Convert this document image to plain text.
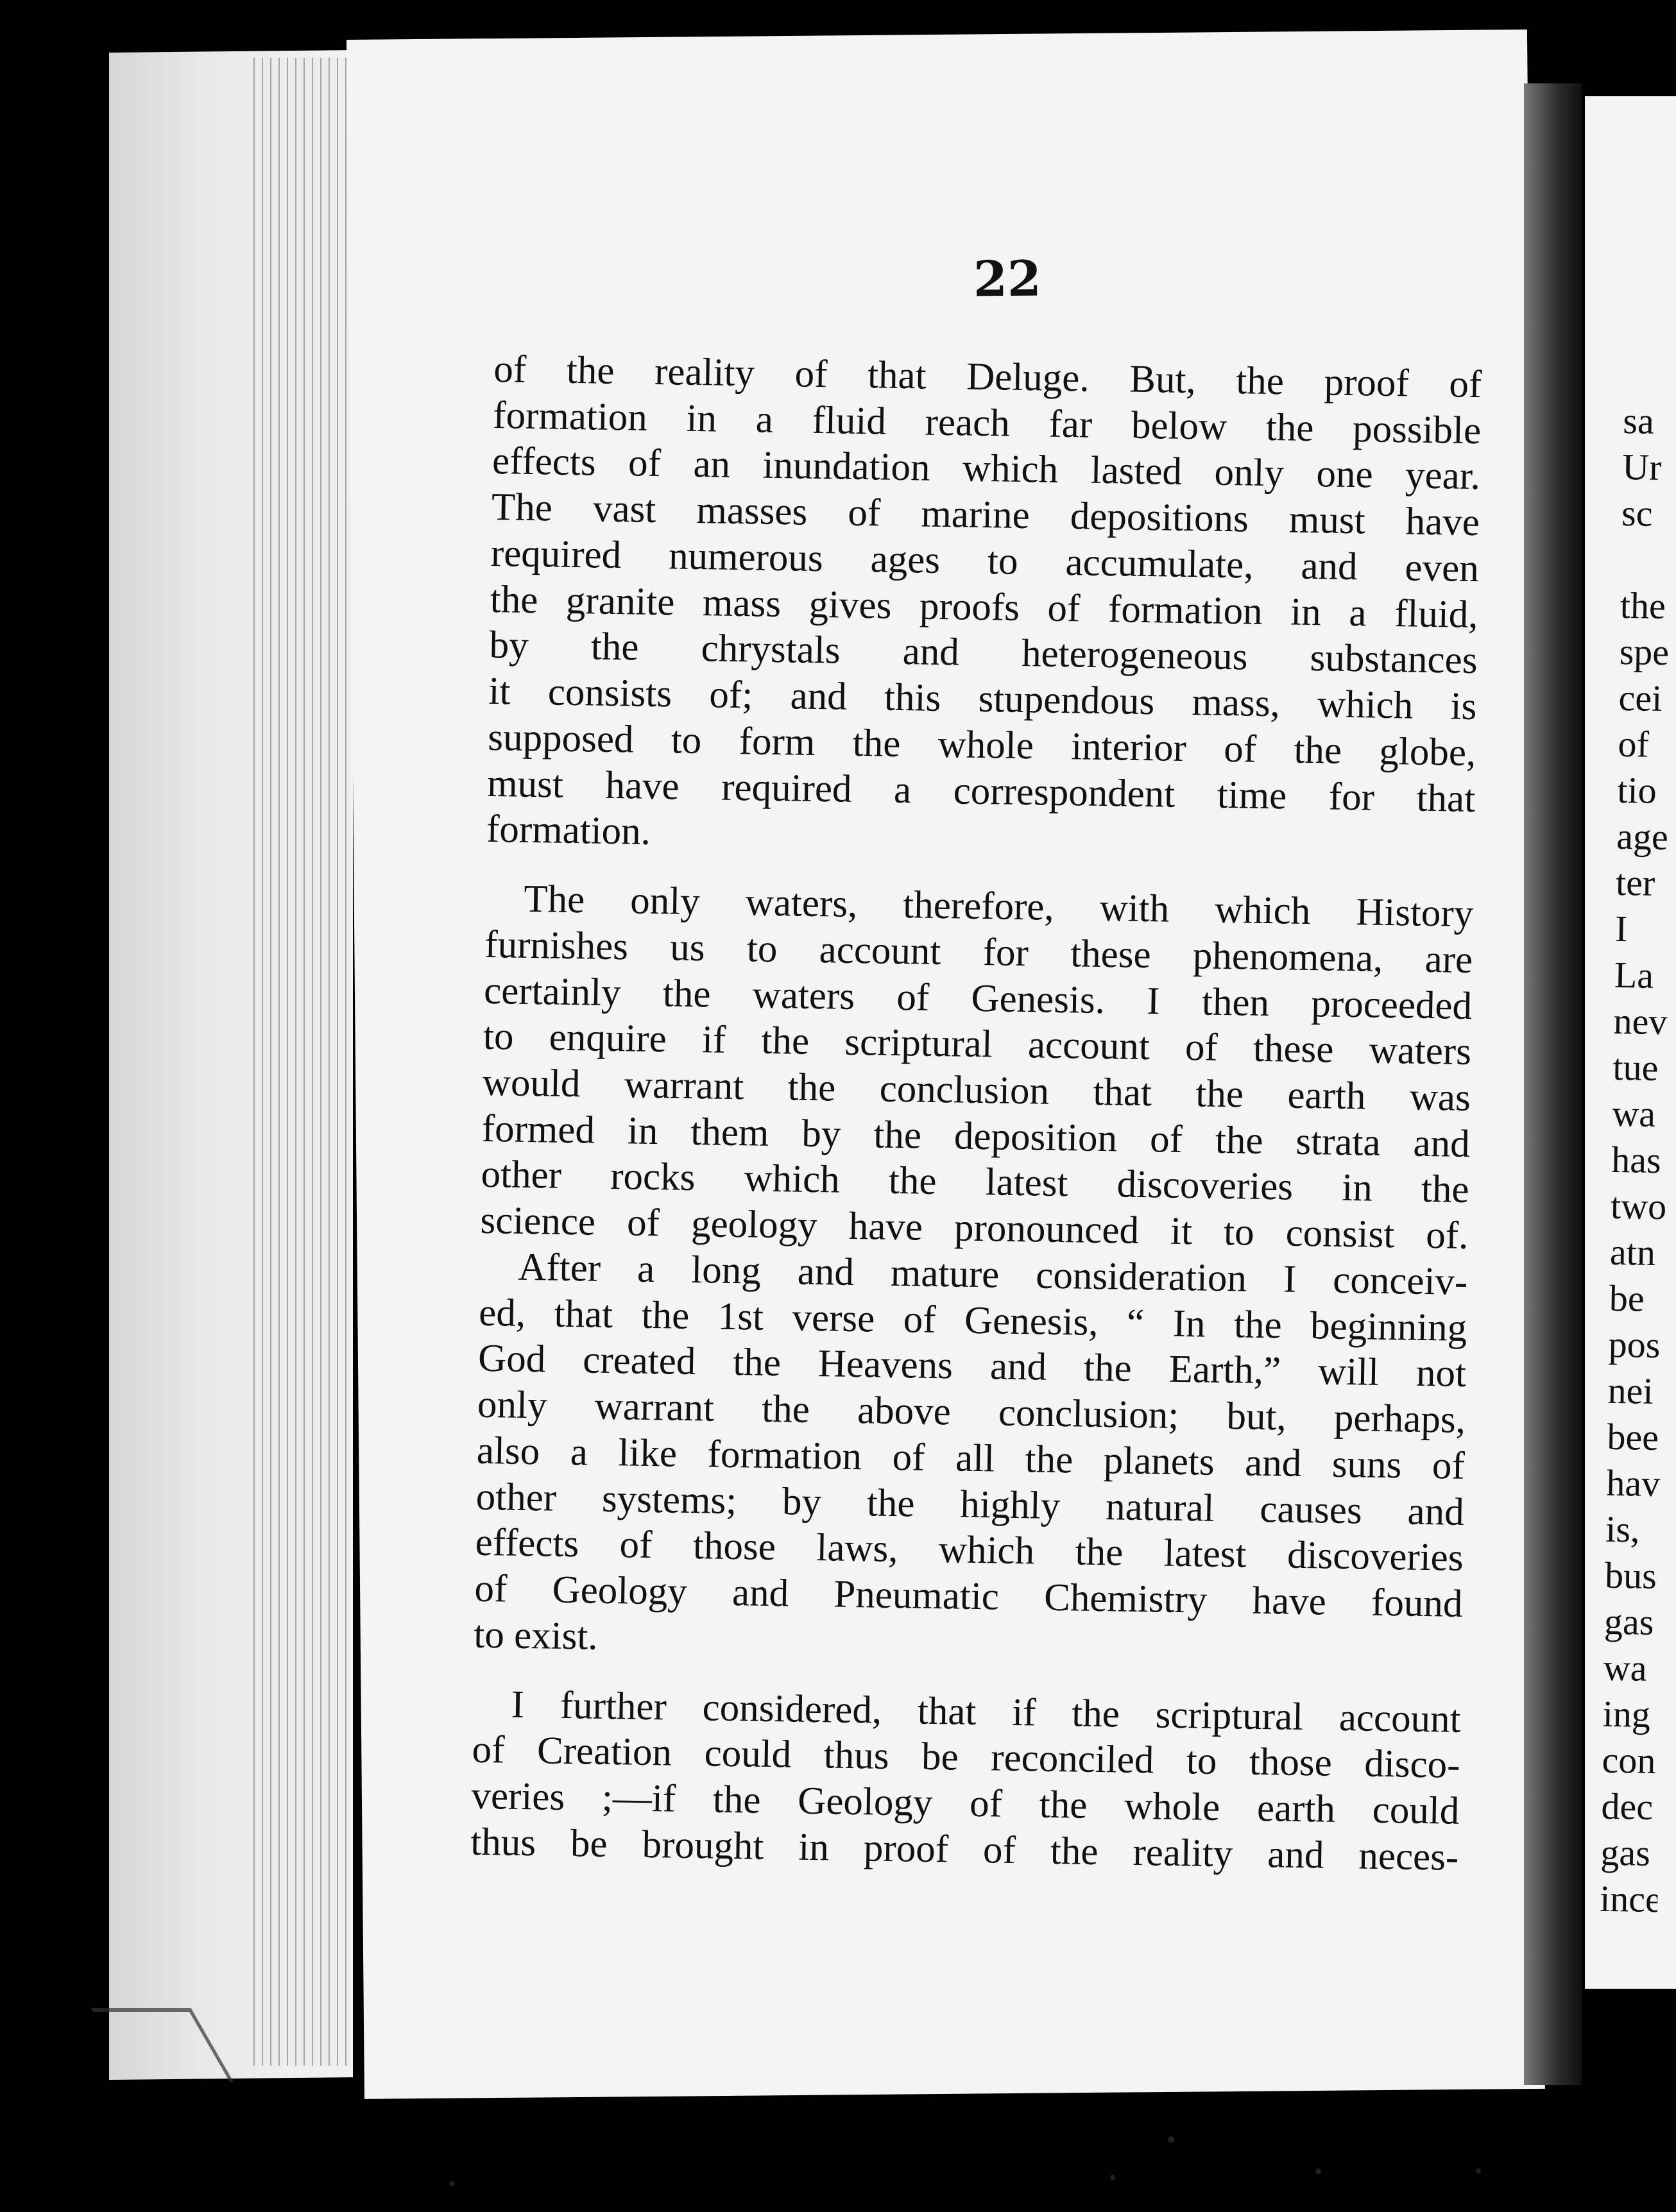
22
of the reality of that Deluge. But, the proof of
formation in a fluid reach far below the possible
effects of an inundation which lasted only one year.
The vast masses of marine depositions must have
required numerous ages to accumulate, and even
the granite mass gives proofs of formation in a fluid,
by the chrystals and heterogeneous substances
it consists of; and this stupendous mass, which is
supposed to form the whole interior of the globe,
must have required a correspondent time for that
formation.
The only waters, therefore, with which History
furnishes us to account for these phenomena, are
certainly the waters of Genesis. I then proceeded
to enquire if the scriptural account of these waters
would warrant the conclusion that the earth was
formed in them by the deposition of the strata and
other rocks which the latest discoveries in the
science of geology have pronounced it to consist of.
After a long and mature consideration I conceiv-
ed, that the 1st verse of Genesis, “ In the beginning
God created the Heavens and the Earth,” will not
only warrant the above conclusion; but, perhaps,
also a like formation of all the planets and suns of
other systems; by the highly natural causes and
effects of those laws, which the latest discoveries
of Geology and Pneumatic Chemistry have found
to exist.
I further considered, that if the scriptural account
of Creation could thus be reconciled to those disco-
veries ;—if the Geology of the whole earth could
thus be brought in proof of the reality and neces-
sa
Ur
sc
the
spe
cei
of
tio
age
ter
I
La
nev
tue
wa
has
two
atn
be
pos
nei
bee
hav
is,
bus
gas
wa
ing
con
dec
gas
ince
